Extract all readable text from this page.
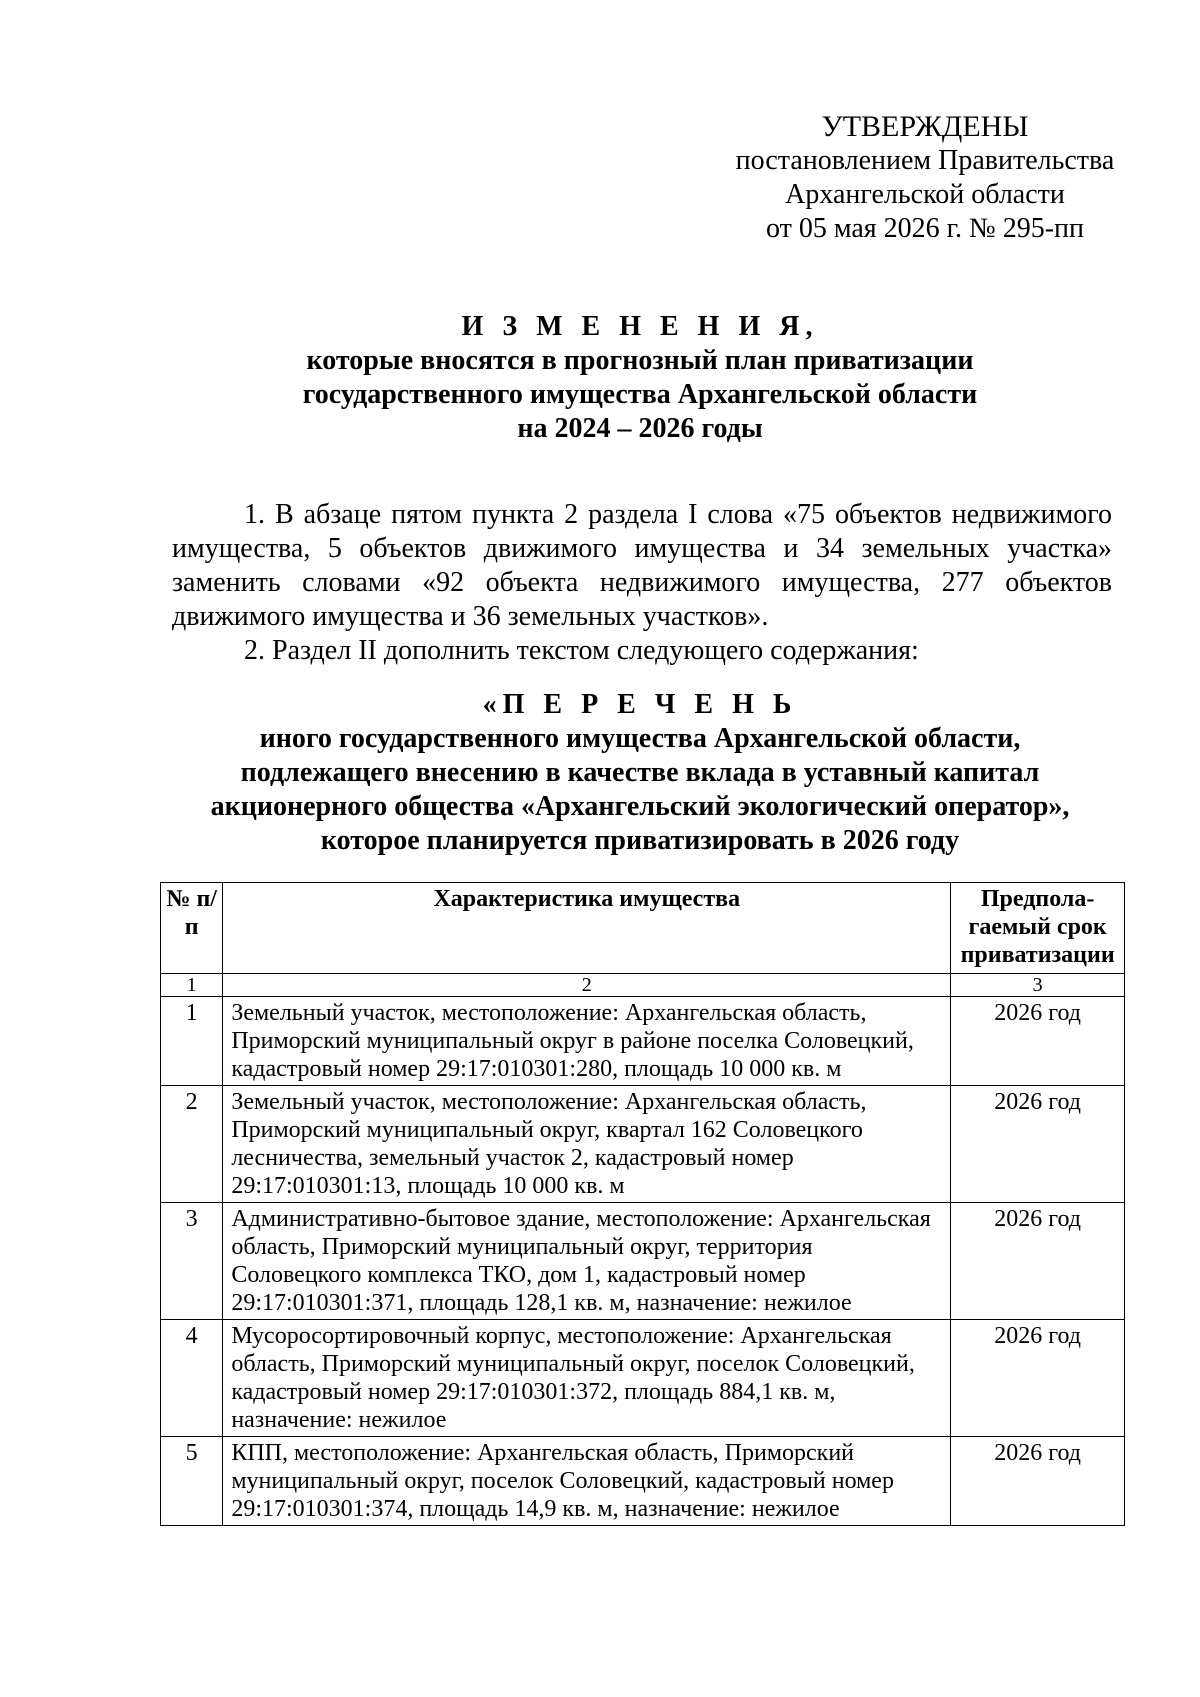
УТВЕРЖДЕНЫ
постановлением Правительства
Архангельской области
от 05 мая 2026 г. № 295-пп
И З М Е Н Е Н И Я,
которые вносятся в прогнозный план приватизации
государственного имущества Архангельской области
на 2024 – 2026 годы

1. В абзаце пятом пункта 2 раздела I слова «75 объектов недвижимого имущества, 5 объектов движимого имущества и 34 земельных участка» заменить словами «92 объекта недвижимого имущества, 277 объектов движимого имущества и 36 земельных участков».

2. Раздел II дополнить текстом следующего содержания:

«П Е Р Е Ч Е Н Ь
иного государственного имущества Архангельской области,
подлежащего внесению в качестве вклада в уставный капитал
акционерного общества «Архангельский экологический оператор»,
которое планируется приватизировать в 2026 году
№ п/п	Характеристика имущества	Предпола-гаемый срок приватизации
1	2	3
1	Земельный участок, местоположение: Архангельская область, Приморский муниципальный округ в районе поселка Соловецкий, кадастровый номер 29:17:010301:280, площадь 10 000 кв. м	2026 год
2	Земельный участок, местоположение: Архангельская область, Приморский муниципальный округ, квартал 162 Соловецкого лесничества, земельный участок 2, кадастровый номер 29:17:010301:13, площадь 10 000 кв. м	2026 год
3	Административно-бытовое здание, местоположение: Архангельская область, Приморский муниципальный округ, территория Соловецкого комплекса ТКО, дом 1, кадастровый номер 29:17:010301:371, площадь 128,1 кв. м, назначение: нежилое	2026 год
4	Мусоросортировочный корпус, местоположение: Архангельская область, Приморский муниципальный округ, поселок Соловецкий, кадастровый номер 29:17:010301:372, площадь 884,1 кв. м, назначение: нежилое	2026 год
5	КПП, местоположение: Архангельская область, Приморский муниципальный округ, поселок Соловецкий, кадастровый номер 29:17:010301:374, площадь 14,9 кв. м, назначение: нежилое	2026 год
